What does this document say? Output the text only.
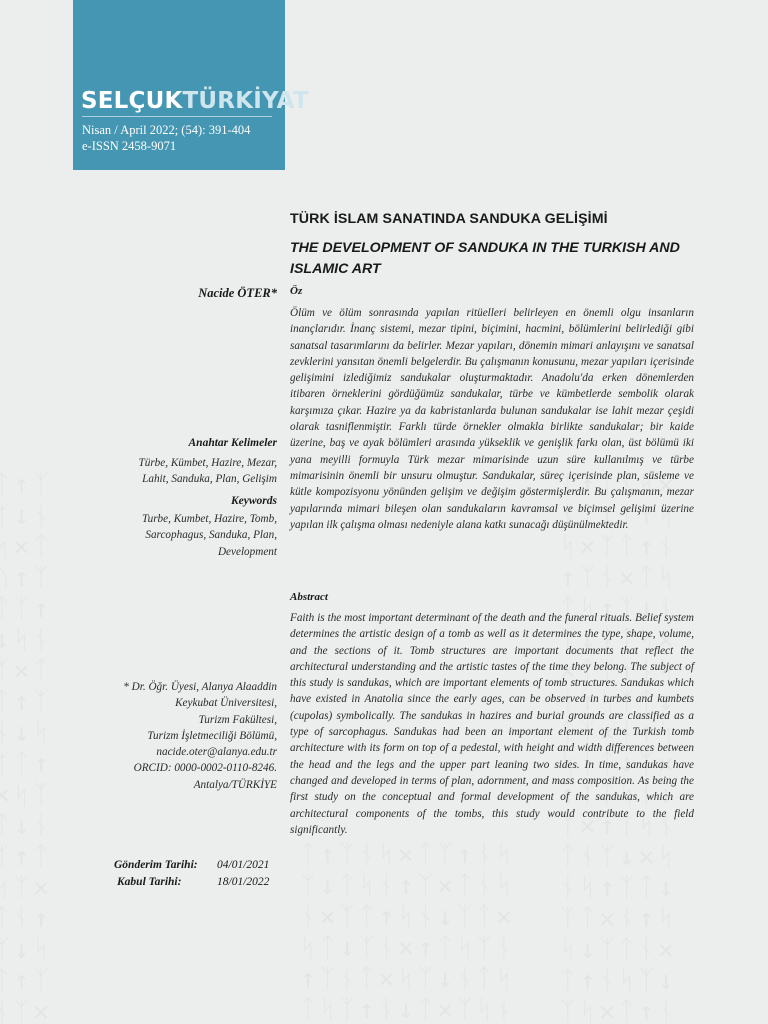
SELÇUKTÜRKİYAT
Nisan / April 2022; (54): 391-404
e-ISSN 2458-9071
TÜRK İSLAM SANATINDA SANDUKA GELİŞİMİ
THE DEVELOPMENT OF SANDUKA IN THE TURKISH AND ISLAMIC ART
Nacide ÖTER* Öz
Ölüm ve ölüm sonrasında yapılan ritüelleri belirleyen en önemli olgu insanların inançlarıdır. İnanç sistemi, mezar tipini, biçimini, hacmini, bölümlerini belirlediği gibi sanatsal tasarımlarını da belirler. Mezar yapıları, dönemin mimari anlayışını ve sanatsal zevklerini yansıtan önemli belgelerdir. Bu çalışmanın konusunu, mezar yapıları içerisinde gelişimini izlediğimiz sandukalar oluşturmaktadır. Anadolu'da erken dönemlerden itibaren örneklerini gördüğümüz sandukalar, türbe ve kümbetlerde sembolik olarak karşımıza çıkar. Hazire ya da kabristanlarda bulunan sandukalar ise lahit mezar çeşidi olarak tasniflenmiştir. Farklı türde örnekler olmakla birlikte sandukalar; bir kaide üzerine, baş ve ayak bölümleri arasında yükseklik ve genişlik farkı olan, üst bölümü iki yana meyilli formuyla Türk mezar mimarisinde uzun süre kullanılmış ve türbe mimarisinin önemli bir unsuru olmuştur. Sandukalar, süreç içerisinde plan, süsleme ve kütle kompozisyonu yönünden gelişim ve değişim göstermişlerdir. Bu çalışmanın, mezar yapılarında mimari bileşen olan sandukaların kavramsal ve biçimsel gelişimi üzerine yapılan ilk çalışma olması nedeniyle alana katkı sunacağı düşünülmektedir.
Abstract
Faith is the most important determinant of the death and the funeral rituals. Belief system determines the artistic design of a tomb as well as it determines the type, shape, volume, and the sections of it. Tomb structures are important documents that reflect the architectural understanding and the artistic tastes of the time they belong. The subject of this study is sandukas, which are important elements of tomb structures. Sandukas which have existed in Anatolia since the early ages, can be observed in turbes and kumbets (cupolas) symbolically. The sandukas in hazires and burial grounds are classified as a type of sarcophagus. Sandukas had been an important element of the Turkish tomb architecture with its form on top of a pedestal, with height and width differences between the head and the legs and the upper part leaning two sides. In time, sandukas have changed and developed in terms of plan, adornment, and mass composition. As being the first study on the conceptual and formal development of the sandukas, which are architectural components of the tombs, this study would contribute to the field significantly.
Anahtar Kelimeler
Türbe, Kümbet, Hazire, Mezar,
Lahit, Sanduka, Plan, Gelişim
Keywords
Turbe, Kumbet, Hazire, Tomb,
Sarcophagus, Sanduka, Plan,
Development
* Dr. Öğr. Üyesi, Alanya Alaaddin
Keykubat Üniversitesi,
Turizm Fakültesi,
Turizm İşletmeciliği Bölümü,
nacide.oter@alanya.edu.tr
ORCID: 0000-0002-0110-8246.
Antalya/TÜRKİYE
Gönderim Tarihi: 04/01/2021
Kabul Tarihi:	18/01/2022
